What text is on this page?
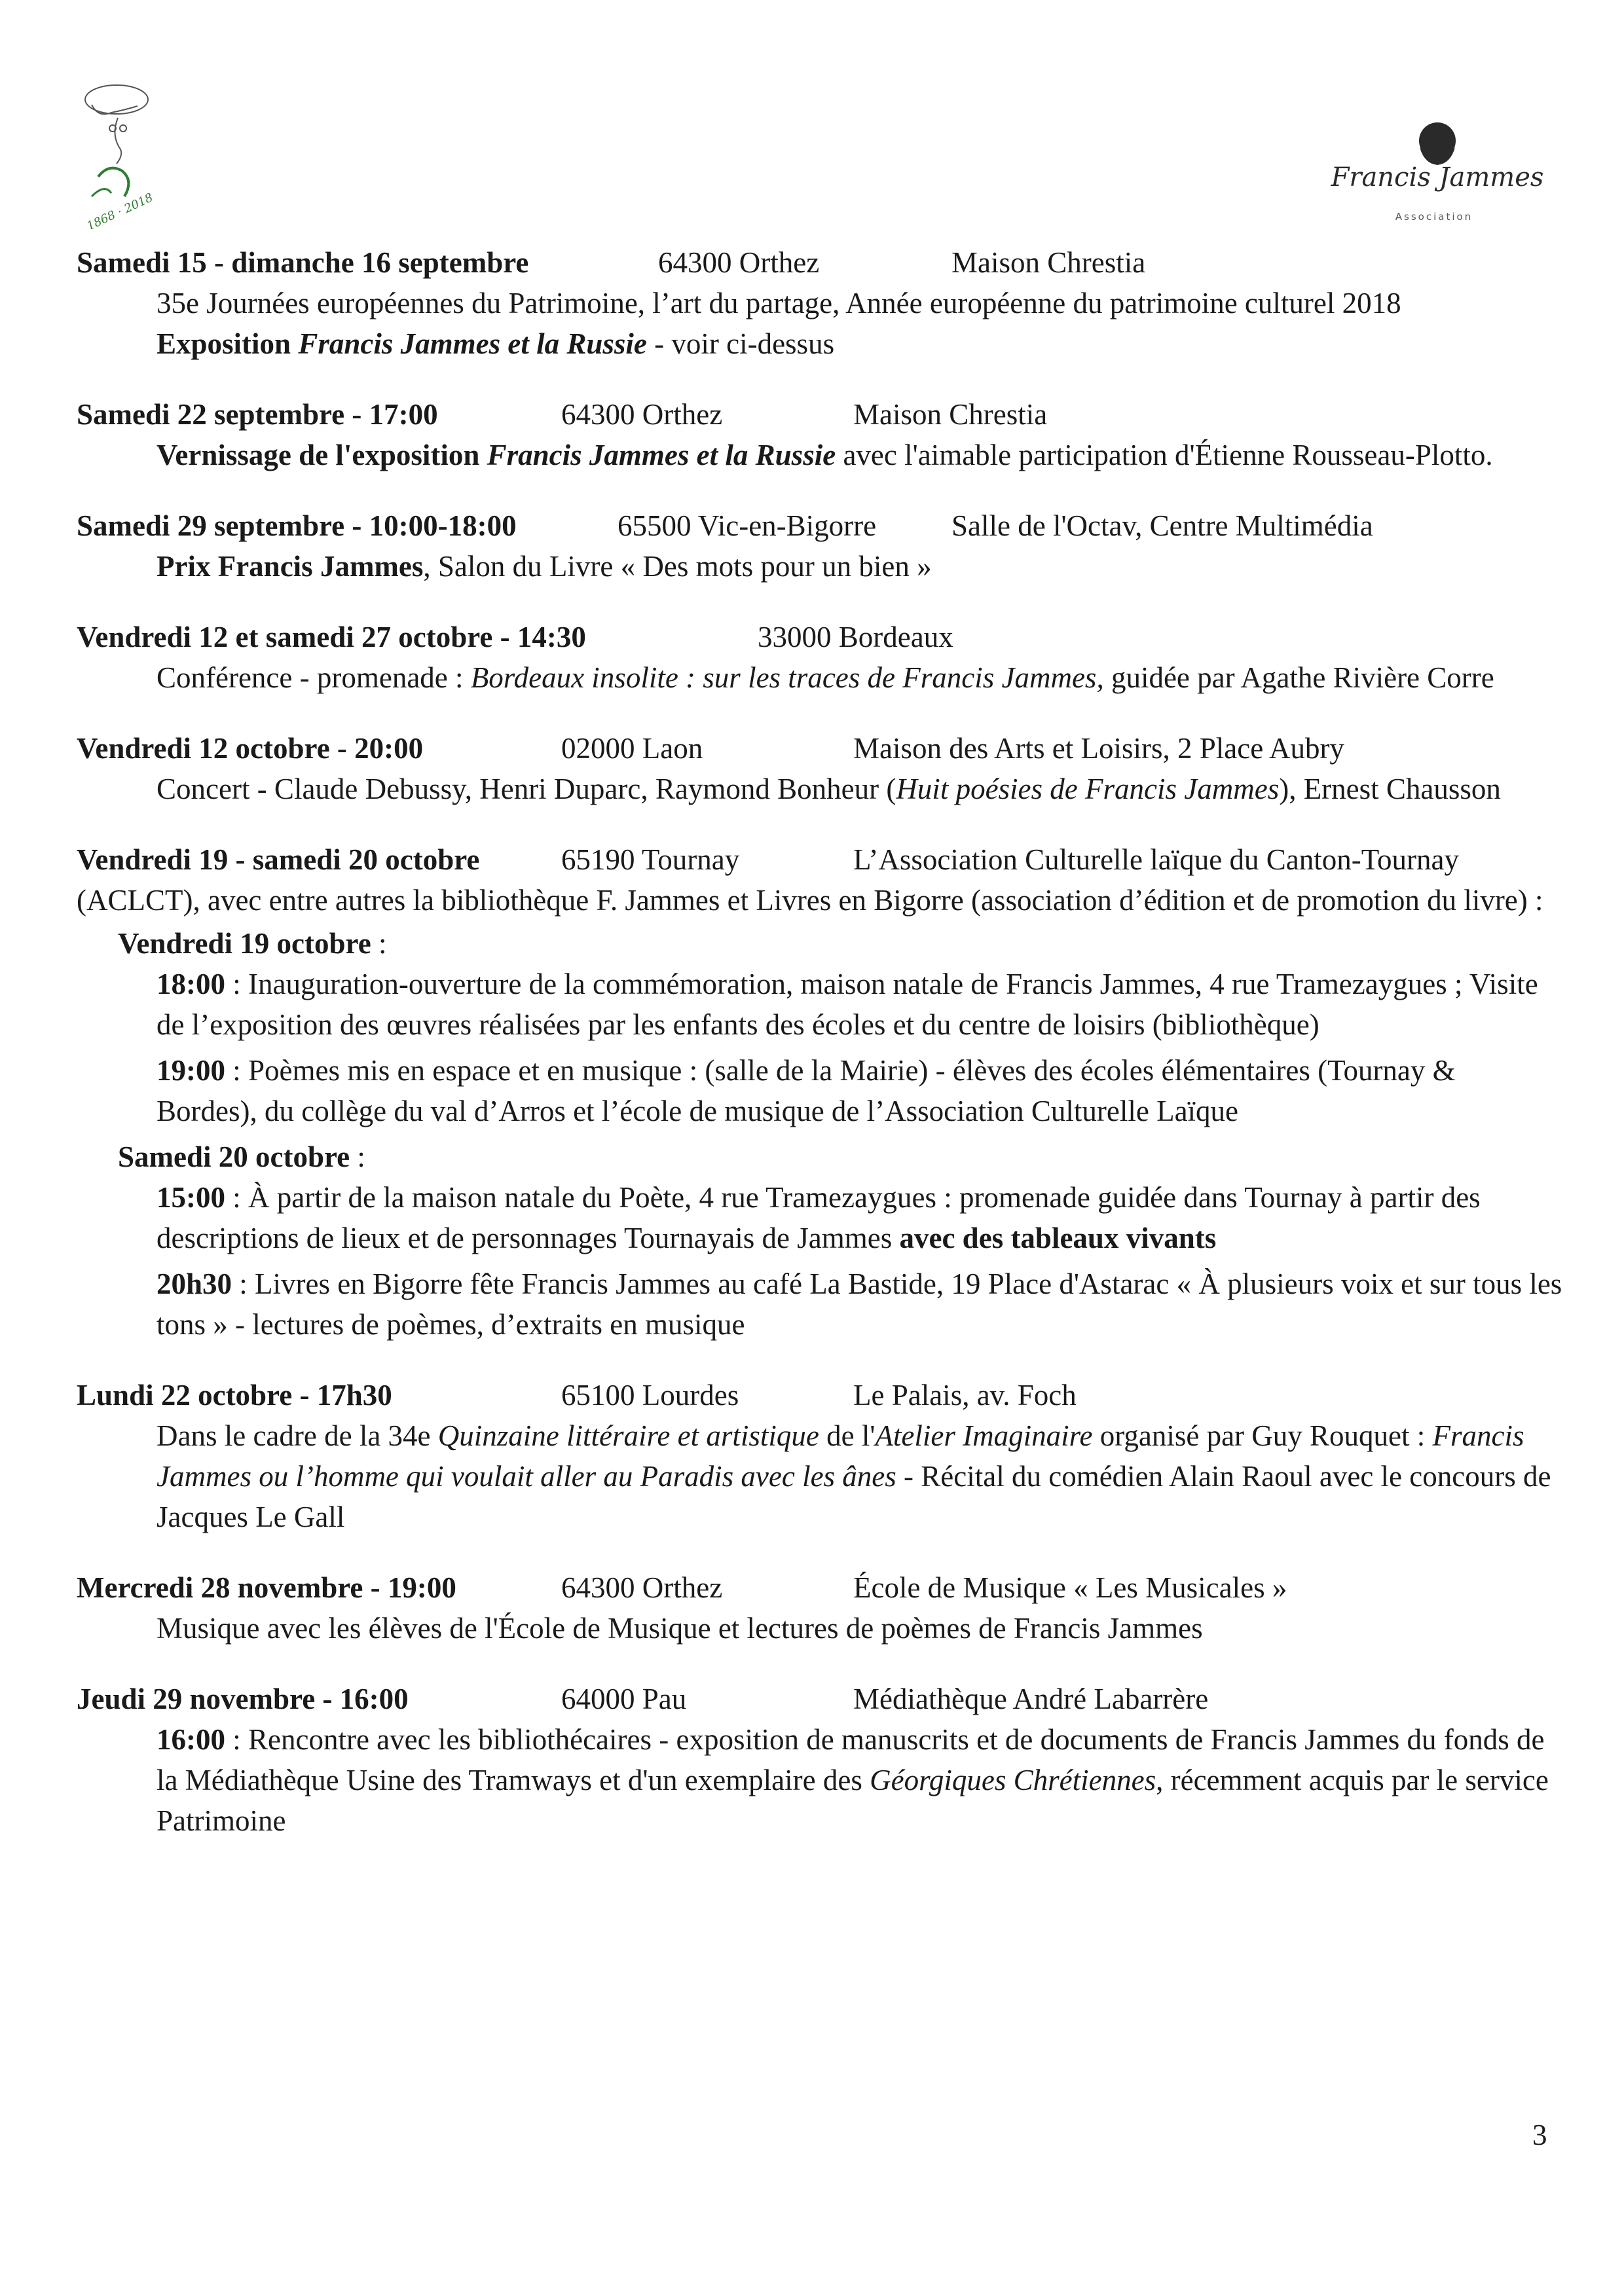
1868 · 2018
Francis Jammes
Association
Samedi 15 - dimanche 16 septembre	64300 Orthez	Maison Chrestia

35e Journées européennes du Patrimoine, l’art du partage, Année européenne du patrimoine culturel 2018

Exposition Francis Jammes et la Russie - voir ci-dessus

Samedi 22 septembre - 17:00	64300 Orthez	Maison Chrestia

Vernissage de l'exposition Francis Jammes et la Russie avec l'aimable participation d'Étienne Rousseau-Plotto.

Samedi 29 septembre - 10:00-18:00	65500 Vic-en-Bigorre	Salle de l'Octav, Centre Multimédia

Prix Francis Jammes, Salon du Livre « Des mots pour un bien »

Vendredi 12 et samedi 27 octobre - 14:30	33000 Bordeaux

Conférence - promenade : Bordeaux insolite : sur les traces de Francis Jammes, guidée par Agathe Rivière Corre

Vendredi 12 octobre - 20:00	02000 Laon	Maison des Arts et Loisirs, 2 Place Aubry

Concert - Claude Debussy, Henri Duparc, Raymond Bonheur (Huit poésies de Francis Jammes), Ernest Chausson

Vendredi 19 - samedi 20 octobre	65190 Tournay	L’Association Culturelle laïque du Canton-Tournay

(ACLCT), avec entre autres la bibliothèque F. Jammes et Livres en Bigorre (association d’édition et de promotion du livre) :

Vendredi 19 octobre :

18:00 : Inauguration-ouverture de la commémoration, maison natale de Francis Jammes, 4 rue Tramezaygues ; Visite de l’exposition des œuvres réalisées par les enfants des écoles et du centre de loisirs (bibliothèque)

19:00 : Poèmes mis en espace et en musique : (salle de la Mairie) - élèves des écoles élémentaires (Tournay & Bordes), du collège du val d’Arros et l’école de musique de l’Association Culturelle Laïque

Samedi 20 octobre :

15:00 : À partir de la maison natale du Poète, 4 rue Tramezaygues : promenade guidée dans Tournay à partir des descriptions de lieux et de personnages Tournayais de Jammes avec des tableaux vivants

20h30 : Livres en Bigorre fête Francis Jammes au café La Bastide, 19 Place d'Astarac « À plusieurs voix et sur tous les tons » - lectures de poèmes, d’extraits en musique

Lundi 22 octobre - 17h30	65100 Lourdes	Le Palais, av. Foch

Dans le cadre de la 34e Quinzaine littéraire et artistique de l'Atelier Imaginaire organisé par Guy Rouquet : Francis Jammes ou l’homme qui voulait aller au Paradis avec les ânes - Récital du comédien Alain Raoul avec le concours de Jacques Le Gall

Mercredi 28 novembre - 19:00	64300 Orthez	École de Musique « Les Musicales »

Musique avec les élèves de l'École de Musique et lectures de poèmes de Francis Jammes

Jeudi 29 novembre - 16:00	64000 Pau	Médiathèque André Labarrère

16:00 : Rencontre avec les bibliothécaires - exposition de manuscrits et de documents de Francis Jammes du fonds de la Médiathèque Usine des Tramways et d'un exemplaire des Géorgiques Chrétiennes, récemment acquis par le service Patrimoine

3
